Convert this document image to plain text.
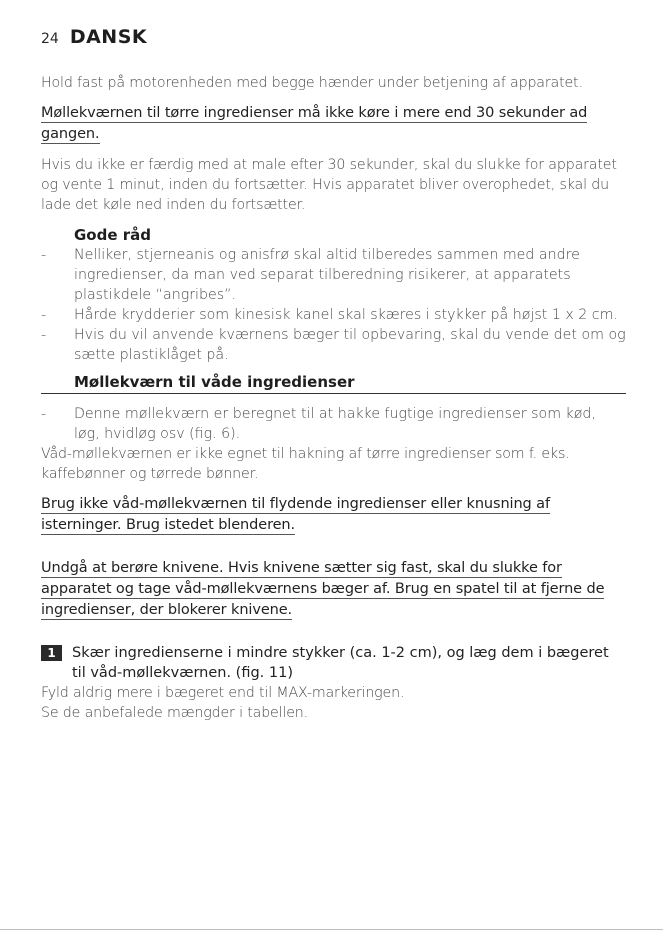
24 DANSK

Hold fast på motorenheden med begge hænder under betjening af apparatet.

Møllekværnen til tørre ingredienser må ikke køre i mere end 30 sekunder ad gangen.

Hvis du ikke er færdig med at male efter 30 sekunder, skal du slukke for apparatet og vente 1 minut, inden du fortsætter. Hvis apparatet bliver overophedet, skal du lade det køle ned inden du fortsætter.

Gode råd
-	Nelliker, stjerneanis og anisfrø skal altid tilberedes sammen med andre ingredienser, da man ved separat tilberedning risikerer, at apparatets plastikdele “angribes”.
-	Hårde krydderier som kinesisk kanel skal skæres i stykker på højst 1 x 2 cm.
-	Hvis du vil anvende kværnens bæger til opbevaring, skal du vende det om og sætte plastiklåget på.
Møllekværn til våde ingredienser
-	Denne møllekværn er beregnet til at hakke fugtige ingredienser som kød, løg, hvidløg osv (fig. 6).

Våd-møllekværnen er ikke egnet til hakning af tørre ingredienser som f. eks. kaffebønner og tørrede bønner.

Brug ikke våd-møllekværnen til flydende ingredienser eller knusning af isterninger. Brug istedet blenderen.
Undgå at berøre knivene. Hvis knivene sætter sig fast, skal du slukke for apparatet og tage våd-møllekværnens bæger af. Brug en spatel til at fjerne de ingredienser, der blokerer knivene.
1	Skær ingredienserne i mindre stykker (ca. 1-2 cm), og læg dem i bægeret til våd-møllekværnen. (fig. 11)

Fyld aldrig mere i bægeret end til MAX-markeringen.

Se de anbefalede mængder i tabellen.
